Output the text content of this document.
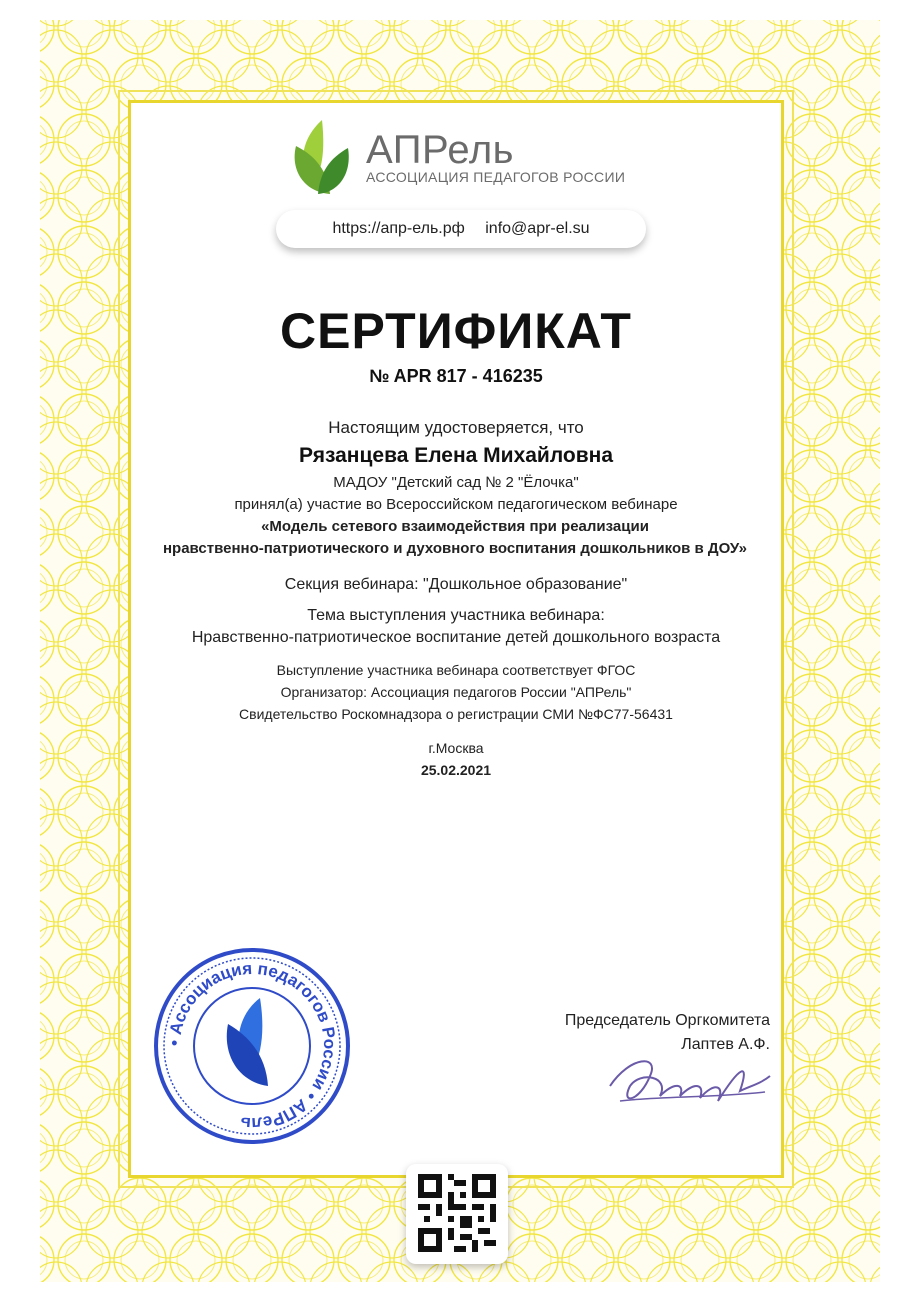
АПРель
АССОЦИАЦИЯ ПЕДАГОГОВ РОССИИ
https://апр-ель.рф info@apr-el.su
СЕРТИФИКАТ
№ APR 817 - 416235
Настоящим удостоверяется, что
Рязанцева Елена Михайловна
МАДОУ "Детский сад № 2 "Ёлочка"
принял(а) участие во Всероссийском педагогическом вебинаре
«Модель сетевого взаимодействия при реализации
нравственно-патриотического и духовного воспитания дошкольников в ДОУ»
Секция вебинара: "Дошкольное образование"
Тема выступления участника вебинара:
Нравственно-патриотическое воспитание детей дошкольного возраста
Выступление участника вебинара соответствует ФГОС
Организатор: Ассоциация педагогов России "АПРель"
Свидетельство Роскомнадзора о регистрации СМИ №ФС77-56431
г.Москва
25.02.2021
• Ассоциация педагогов России • АПРель
Председатель Оргкомитета
Лаптев А.Ф.
